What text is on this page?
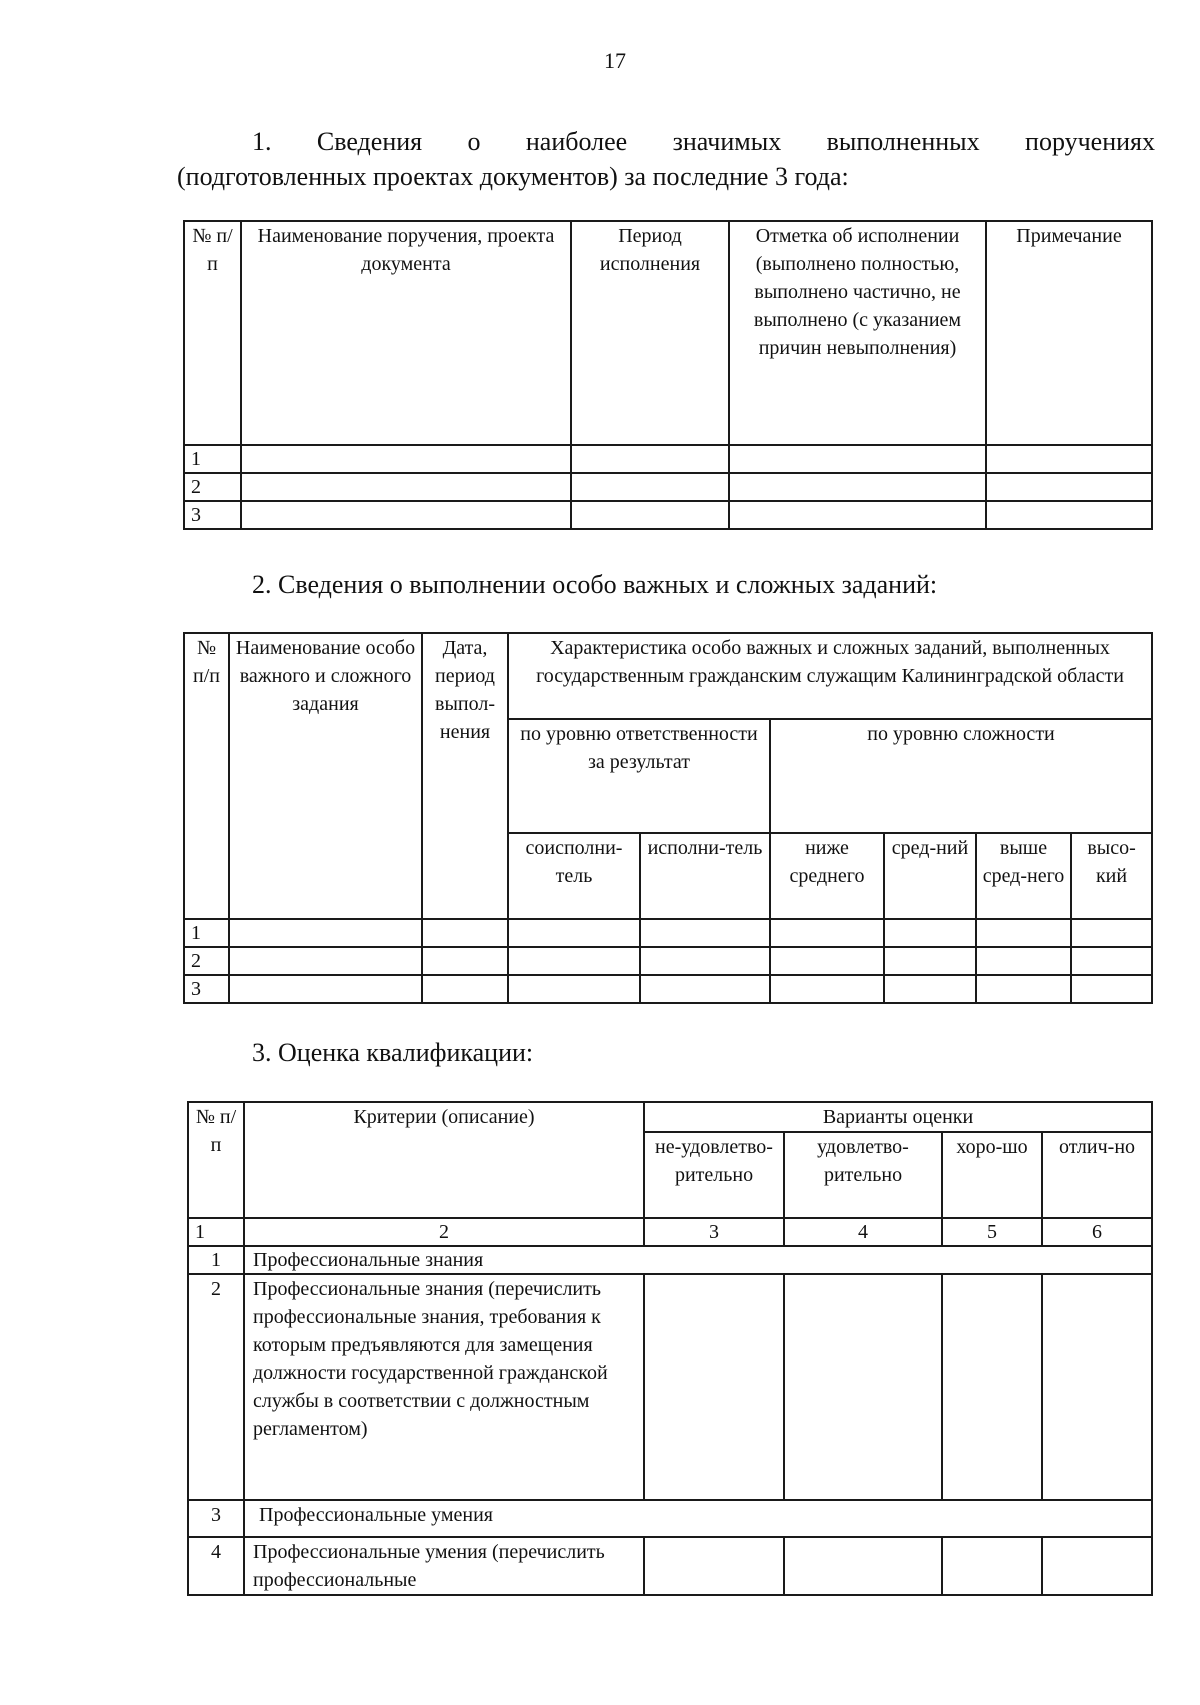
17
1. Сведения о наиболее значимых выполненных поручениях
(подготовленных проектах документов) за последние 3 года:
№ п/п	Наименование поручения, проекта документа	Период исполнения	Отметка об исполнении (выполнено полностью, выполнено частично, не выполнено (с указанием причин невыполнения)	Примечание
1				
2				
3				
2. Сведения о выполнении особо важных и сложных заданий:
№ п/п	Наименование особо важного и сложного задания	Дата, период выпол-нения	Характеристика особо важных и сложных заданий, выполненных государственным гражданским служащим Калининградской области					
			по уровню ответственности за результат		по уровню сложности			
			соисполни-тель	исполни-тель	ниже среднего	сред-ний	выше сред-него	высо-кий
1								
2								
3								
3. Оценка квалификации:
№ п/п	Критерии (описание)	Варианты оценки			
		не-удовлетво-рительно	удовлетво-рительно	хоро-шо	отлич-но
1	2	3	4	5	6
1	Профессиональные знания				
2	Профессиональные знания (перечислить профессиональные знания, требования к которым предъявляются для замещения должности государственной гражданской службы в соответствии с должностным регламентом)				
3	Профессиональные умения				
4	Профессиональные умения (перечислить профессиональные				
